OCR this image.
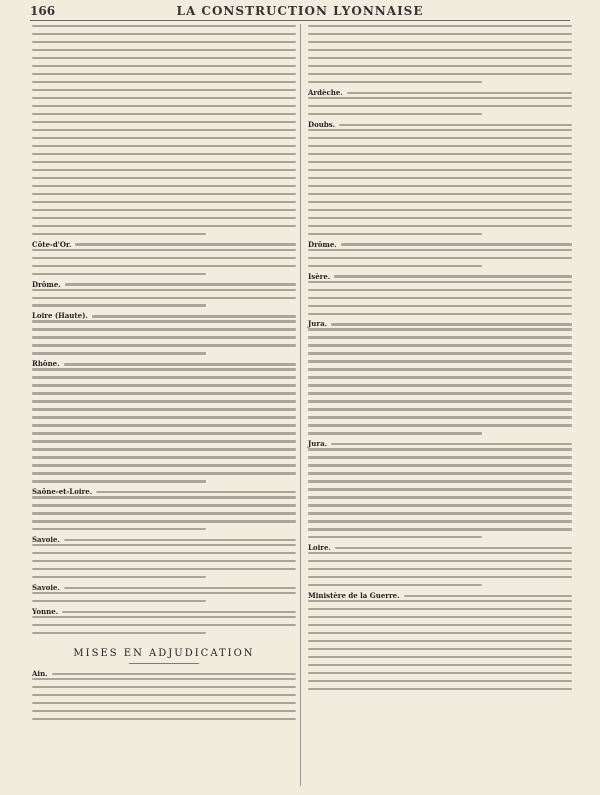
166	LA CONSTRUCTION LYONNAISE
Côte-d'Or.
Drôme.
Loire (Haute).
Rhône.
Saône-et-Loire.
Savoie.
Savoie.
Yonne.
MISES EN ADJUDICATION
Ain.
Ardèche.
Doubs.
Drôme.
Isère.
Jura.
Jura.
Loire.
Ministère de la Guerre.
